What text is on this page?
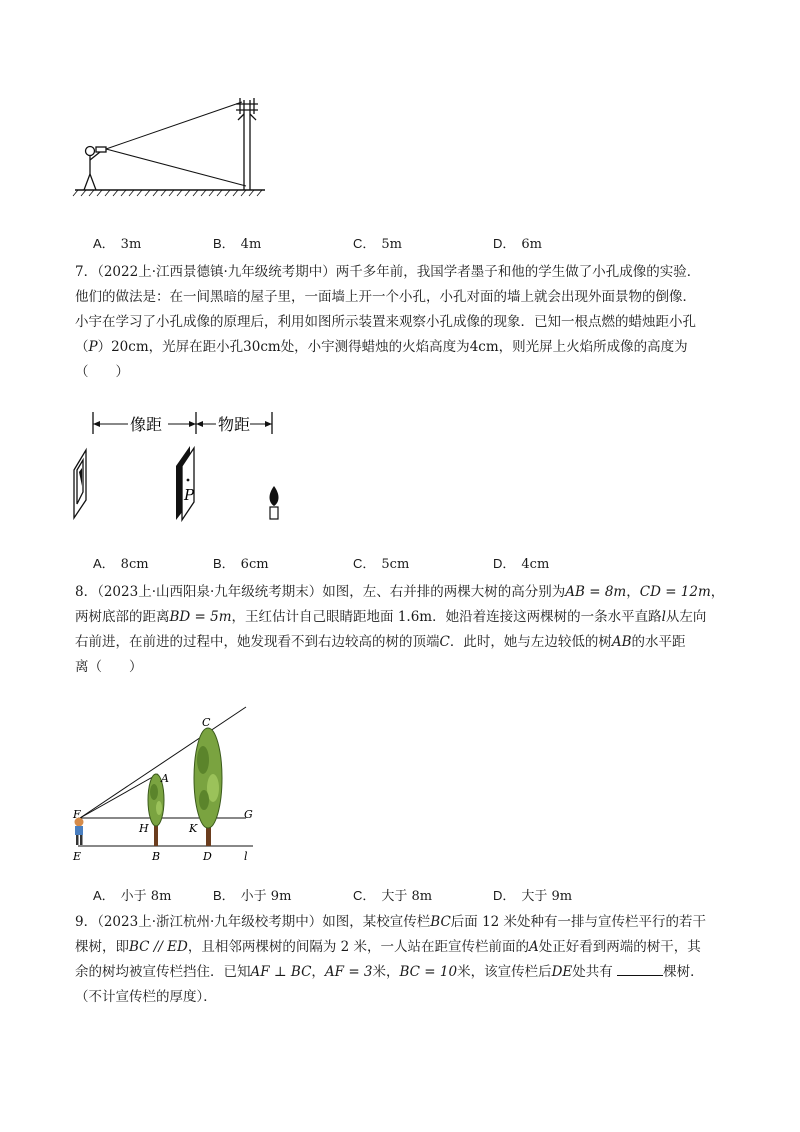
A． 3m	B． 4m	C． 5m	D． 6m
7．（2022上·江西景德镇·九年级统考期中）两千多年前，我国学者墨子和他的学生做了小孔成像的实验．
他们的做法是：在一间黑暗的屋子里，一面墙上开一个小孔，小孔对面的墙上就会出现外面景物的倒像．
小宇在学习了小孔成像的原理后，利用如图所示装置来观察小孔成像的现象．已知一根点燃的蜡烛距小孔
（P）20cm，光屏在距小孔30cm处，小宇测得蜡烛的火焰高度为4cm，则光屏上火焰所成像的高度为
（　　）
像距	物距
P
A． 8cm	B． 6cm	C． 5cm	D． 4cm
8．（2023上·山西阳泉·九年级统考期末）如图，左、右并排的两棵大树的高分别为AB = 8m，CD = 12m，
两树底部的距离BD = 5m，王红估计自己眼睛距地面 1.6m．她沿着连接这两棵树的一条水平直路l从左向
右前进，在前进的过程中，她发现看不到右边较高的树的顶端C．此时，她与左边较低的树AB的水平距
离（　　）
C
A
F	G
H	K
E	B	D	l
A． 小于 8m	B． 小于 9m	C． 大于 8m	D． 大于 9m
9．（2023上·浙江杭州·九年级校考期中）如图，某校宣传栏BC后面 12 米处种有一排与宣传栏平行的若干
棵树，即BC // ED，且相邻两棵树的间隔为 2 米，一人站在距宣传栏前面的A处正好看到两端的树干，其
余的树均被宣传栏挡住．已知AF ⊥ BC，AF = 3米，BC = 10米，该宣传栏后DE处共有	棵树．
（不计宣传栏的厚度）．
